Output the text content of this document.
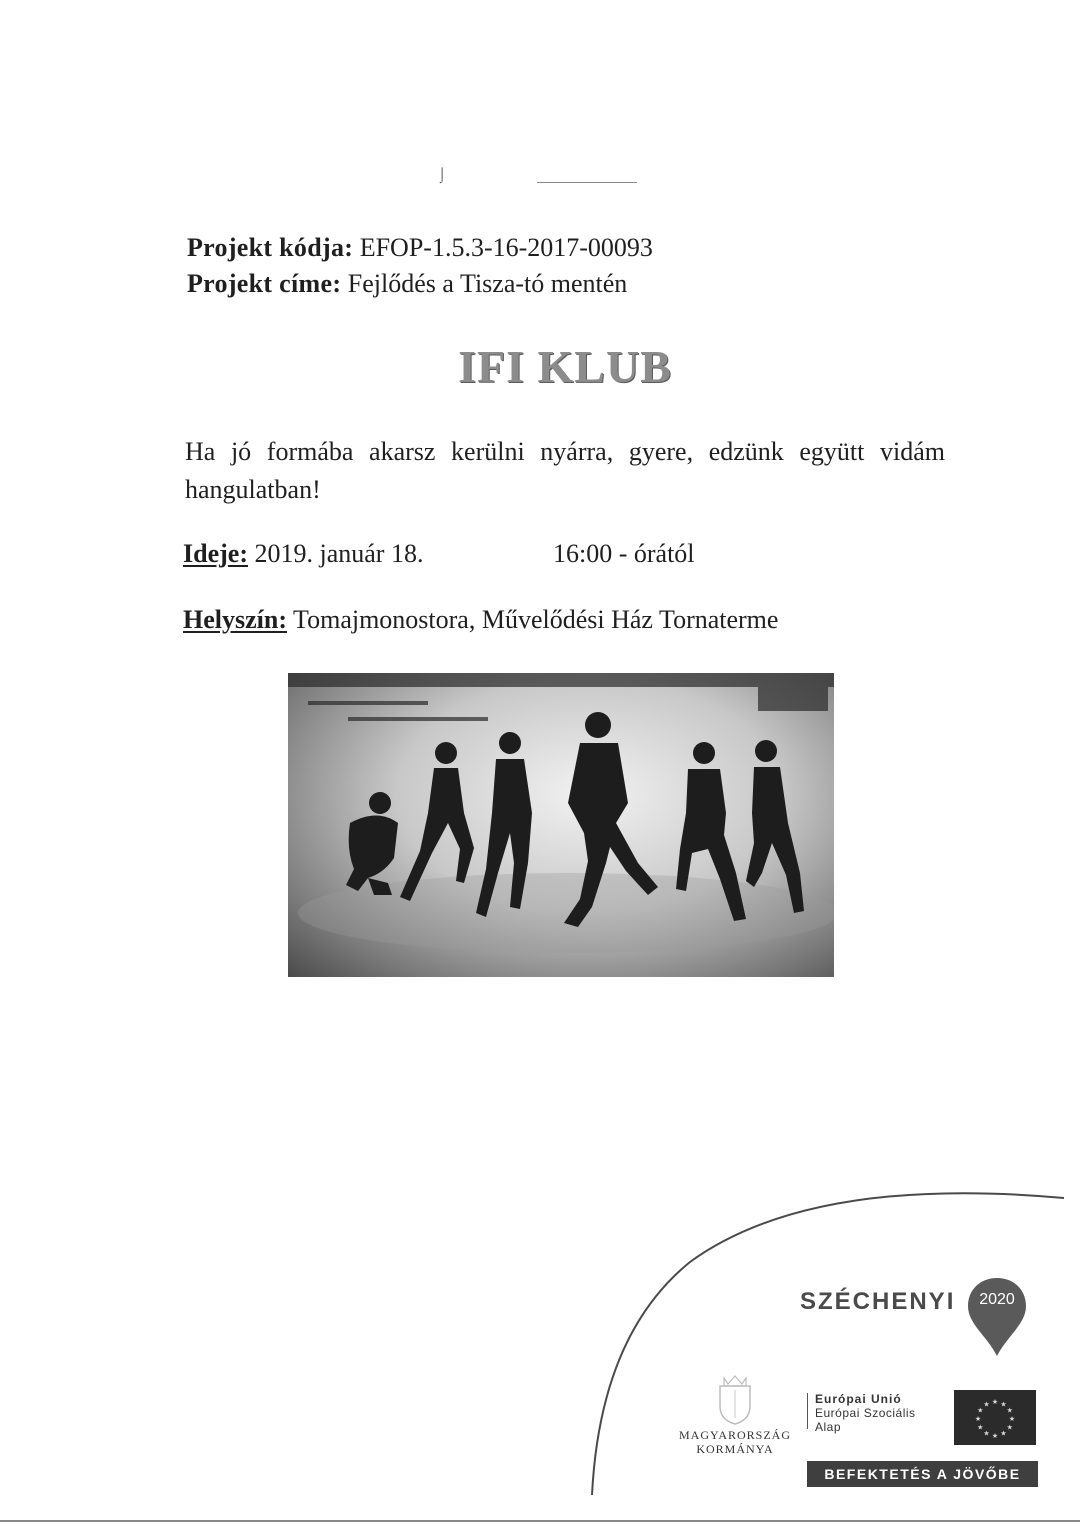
⌡
Projekt kódja: EFOP-1.5.3-16-2017-00093
Projekt címe: Fejlődés a Tisza-tó mentén
IFI KLUB
Ha jó formába akarsz kerülni nyárra, gyere, edzünk együtt vidám hangulatban!
Ideje: 2019. január 18.	16:00 - órától
Helyszín: Tomajmonostora, Művelődési Ház Tornaterme
SZÉCHENYI	2020
MAGYARORSZÁG
KORMÁNYA
Európai Unió
Európai Szociális
Alap
★
★
★
★
★
★
★
★
★ ★ ★
★
BEFEKTETÉS A JÖVŐBE
